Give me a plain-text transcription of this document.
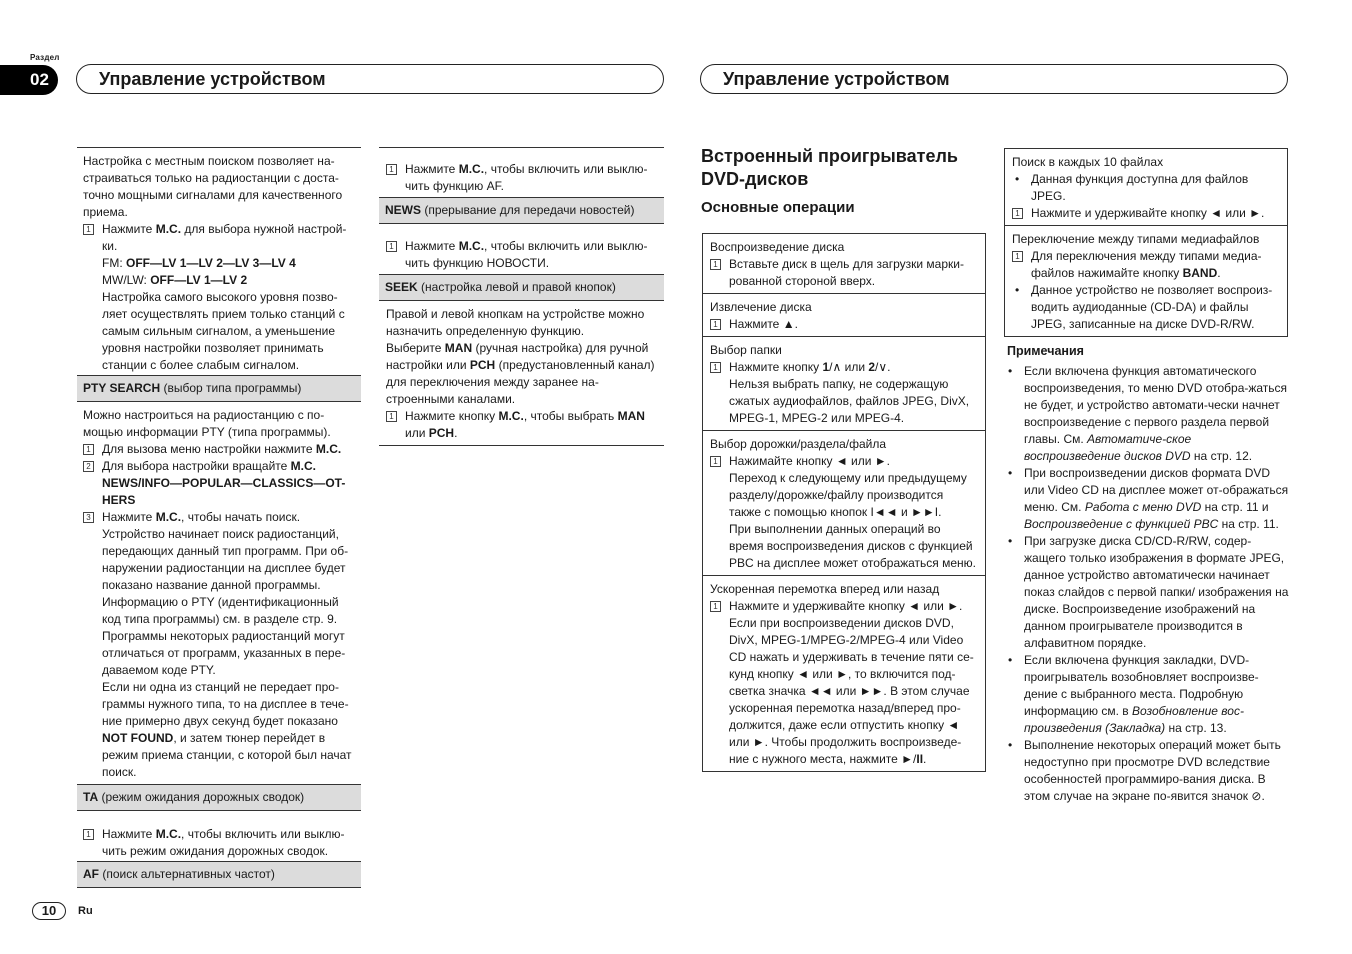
Раздел
02	Управление устройством	Управление устройством
Настройка с местным поиском позволяет на-страиваться только на радиостанции с доста-точно мощными сигналами для качественного приема.
1 Нажмите M.C. для выбора нужной настрой-ки.
FM: OFF—LV 1—LV 2—LV 3—LV 4
MW/LW: OFF—LV 1—LV 2
Настройка самого высокого уровня позво-ляет осуществлять прием только станций с самым сильным сигналом, а уменьшение уровня настройки позволяет принимать станции с более слабым сигналом.
PTY SEARCH (выбор типа программы)
Можно настроиться на радиостанцию с по-мощью информации PTY (типа программы).
1 Для вызова меню настройки нажмите M.C.
2 Для выбора настройки вращайте M.C.
NEWS/INFO—POPULAR—CLASSICS—OT-HERS
3 Нажмите M.C., чтобы начать поиск.
Устройство начинает поиск радиостанций, передающих данный тип программ. При об-наружении радиостанции на дисплее будет показано название данной программы.
Информацию о PTY (идентификационный код типа программы) см. в разделе стр. 9.
Программы некоторых радиостанций могут отличаться от программ, указанных в пере-даваемом коде PTY.
Если ни одна из станций не передает про-граммы нужного типа, то на дисплее в тече-ние примерно двух секунд будет показано NOT FOUND, и затем тюнер перейдет в режим приема станции, с которой был начат поиск.
TA (режим ожидания дорожных сводок)
1 Нажмите M.C., чтобы включить или выклю-чить режим ожидания дорожных сводок.
AF (поиск альтернативных частот)
1 Нажмите M.C., чтобы включить или выклю-чить функцию AF.
NEWS (прерывание для передачи новостей)
1 Нажмите M.C., чтобы включить или выклю-чить функцию НОВОСТИ.
SEEK (настройка левой и правой кнопок)
Правой и левой кнопкам на устройстве можно назначить определенную функцию.
Выберите MAN (ручная настройка) для ручной настройки или PCH (предустановленный канал) для переключения между заранее на-строенными каналами.
1 Нажмите кнопку M.C., чтобы выбрать MAN или PCH.
Встроенный проигрыватель DVD-дисков
Основные операции
Воспроизведение диска
1 Вставьте диск в щель для загрузки марки-рованной стороной вверх.
Извлечение диска
1 Нажмите ▲.
Выбор папки
1 Нажмите кнопку 1/∧ или 2/∨.
Нельзя выбрать папку, не содержащую сжатых аудиофайлов, файлов JPEG, DivX, MPEG-1, MPEG-2 или MPEG-4.
Выбор дорожки/раздела/файла
1 Нажимайте кнопку ◄ или ►.
Переход к следующему или предыдущему разделу/дорожке/файлу производится также с помощью кнопок I◄◄ и ►►I.
При выполнении данных операций во время воспроизведения дисков с функцией PBC на дисплее может отображаться меню.
Ускоренная перемотка вперед или назад
1 Нажмите и удерживайте кнопку ◄ или ►.
Если при воспроизведении дисков DVD, DivX, MPEG-1/MPEG-2/MPEG-4 или Video CD нажать и удерживать в течение пяти се-кунд кнопку ◄ или ►, то включится под-светка значка ◄◄ или ►►. В этом случае ускоренная перемотка назад/вперед про-должится, даже если отпустить кнопку ◄ или ►. Чтобы продолжить воспроизведе-ние с нужного места, нажмите ►/II.
Поиск в каждых 10 файлах
• Данная функция доступна для файлов JPEG.
1 Нажмите и удерживайте кнопку ◄ или ►.
Переключение между типами медиафайлов
1 Для переключения между типами медиа-файлов нажимайте кнопку BAND.
• Данное устройство не позволяет воспроиз-водить аудиоданные (CD-DA) и файлы JPEG, записанные на диске DVD-R/RW.
Примечания
• Если включена функция автоматического воспроизведения, то меню DVD отобра-жаться не будет, и устройство автомати-чески начнет воспроизведение с первого раздела первой главы. См. Автоматиче-ское воспроизведение дисков DVD на стр. 12.
• При воспроизведении дисков формата DVD или Video CD на дисплее может от-ображаться меню. См. Работа с меню DVD на стр. 11 и Воспроизведение с функцией PBC на стр. 11.
• При загрузке диска CD/CD-R/RW, содер-жащего только изображения в формате JPEG, данное устройство автоматически начинает показ слайдов с первой папки/ изображения на диске. Воспроизведение изображений на данном проигрывателе производится в алфавитном порядке.
• Если включена функция закладки, DVD-проигрыватель возобновляет воспроизве-дение с выбранного места. Подробную информацию см. в Возобновление вос-произведения (Закладка) на стр. 13.
• Выполнение некоторых операций может быть недоступно при просмотре DVD вследствие особенностей программиро-вания диска. В этом случае на экране по-явится значок ⊘.
10	Ru
